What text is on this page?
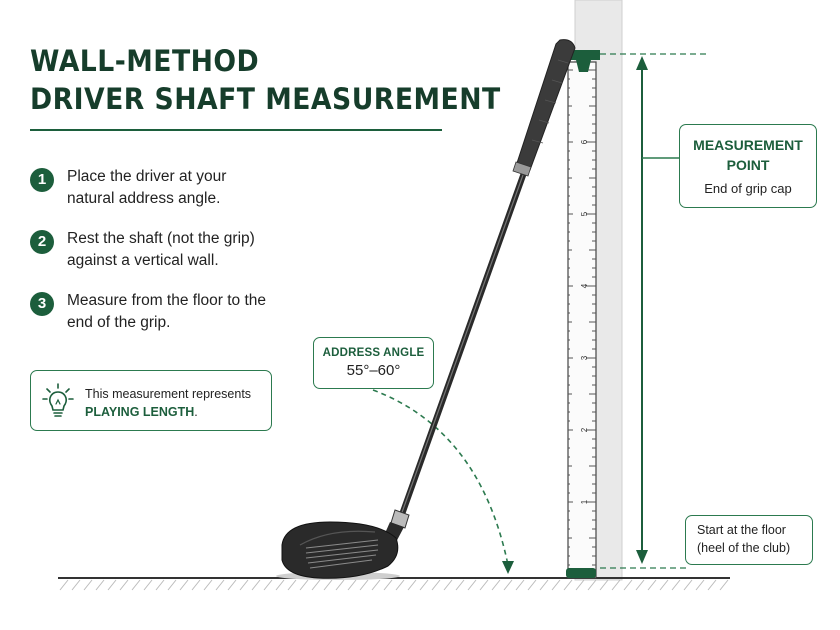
1
2
3
4
5
6
WALL-METHOD
DRIVER SHAFT MEASUREMENT
1	Place the driver at your
natural address angle.
2	Rest the shaft (not the grip)
against a vertical wall.
3	Measure from the floor to the
end of the grip.
This measurement represents
PLAYING LENGTH.
ADDRESS ANGLE
55°–60°
MEASUREMENT
POINT
End of grip cap
Start at the floor
(heel of the club)
